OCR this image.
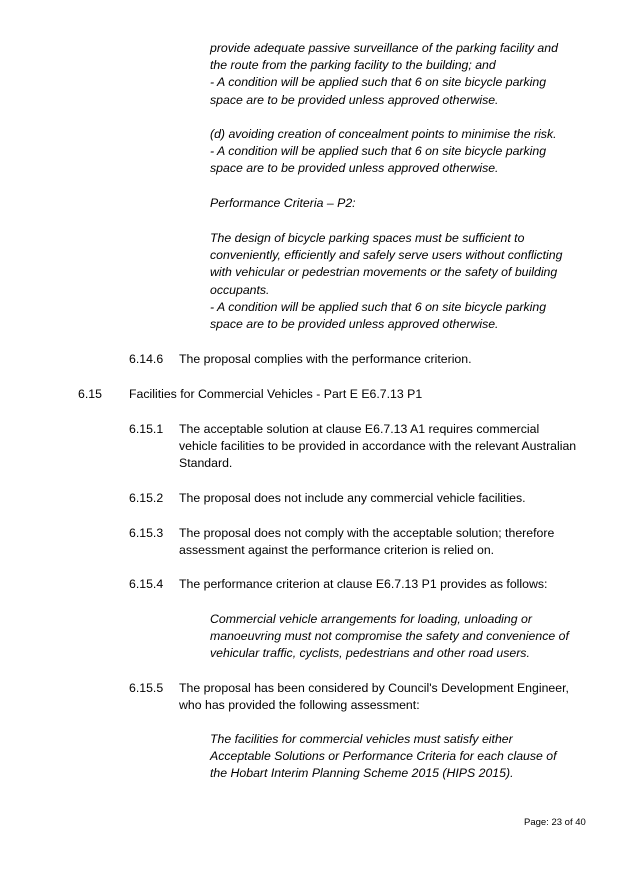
provide adequate passive surveillance of the parking facility and
the route from the parking facility to the building; and
- A condition will be applied such that 6 on site bicycle parking
space are to be provided unless approved otherwise.
(d) avoiding creation of concealment points to minimise the risk.
- A condition will be applied such that 6 on site bicycle parking
space are to be provided unless approved otherwise.
Performance Criteria – P2:
The design of bicycle parking spaces must be sufficient to
conveniently, efficiently and safely serve users without conflicting
with vehicular or pedestrian movements or the safety of building
occupants.
- A condition will be applied such that 6 on site bicycle parking
space are to be provided unless approved otherwise.
6.14.6 The proposal complies with the performance criterion.
6.15 Facilities for Commercial Vehicles - Part E E6.7.13 P1
6.15.1 The acceptable solution at clause E6.7.13 A1 requires commercial
vehicle facilities to be provided in accordance with the relevant Australian
Standard.
6.15.2 The proposal does not include any commercial vehicle facilities.
6.15.3 The proposal does not comply with the acceptable solution; therefore
assessment against the performance criterion is relied on.
6.15.4 The performance criterion at clause E6.7.13 P1 provides as follows:
Commercial vehicle arrangements for loading, unloading or
manoeuvring must not compromise the safety and convenience of
vehicular traffic, cyclists, pedestrians and other road users.
6.15.5 The proposal has been considered by Council's Development Engineer,
who has provided the following assessment:
The facilities for commercial vehicles must satisfy either
Acceptable Solutions or Performance Criteria for each clause of
the Hobart Interim Planning Scheme 2015 (HIPS 2015).
Page: 23 of 40
